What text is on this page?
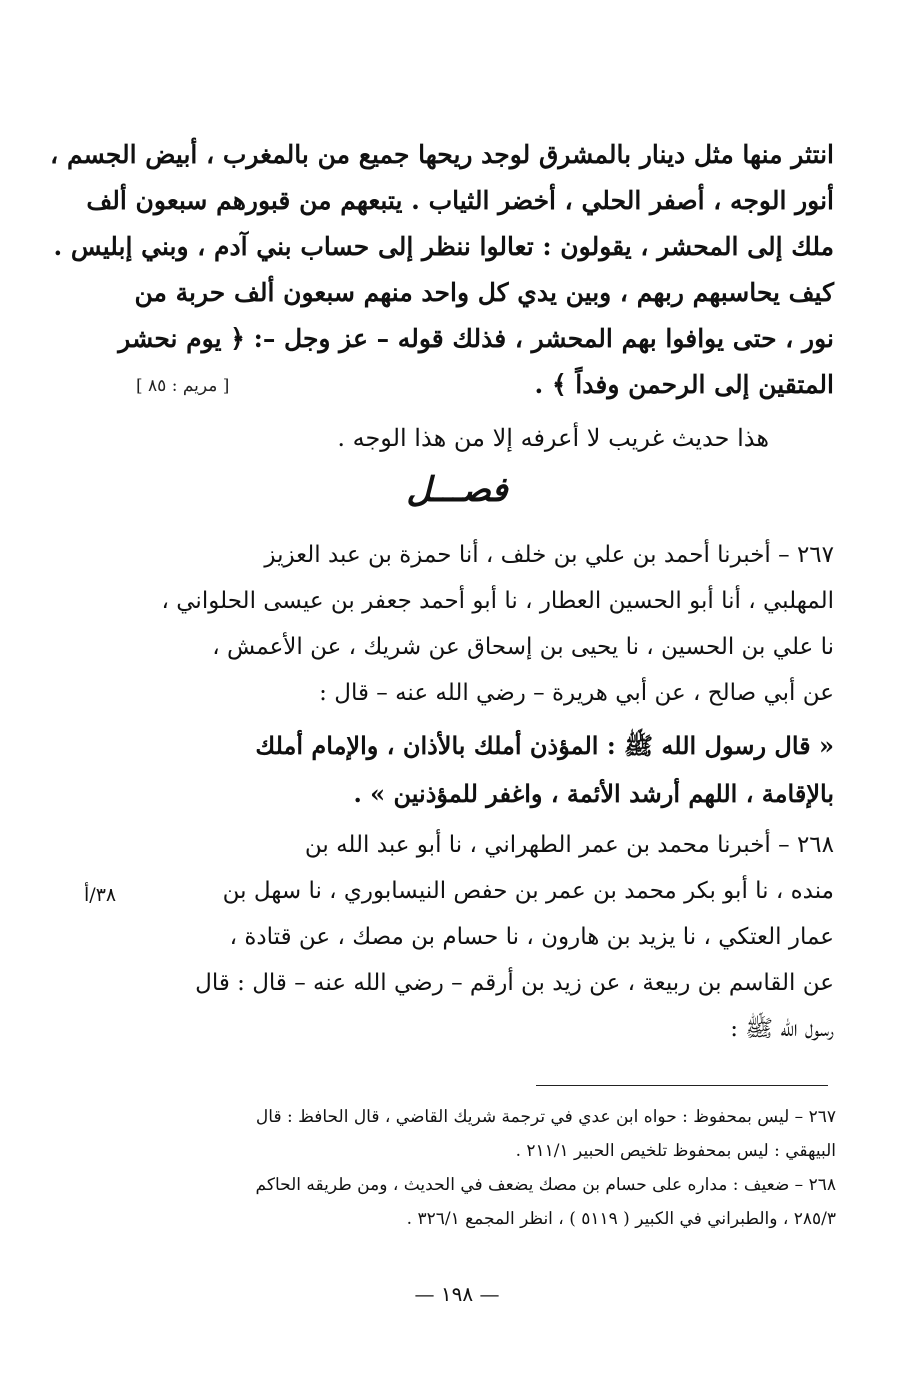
انتثر منها مثل دينار بالمشرق لوجد ريحها جميع من بالمغرب ، أبيض الجسم ،
أنور الوجه ، أصفر الحلي ، أخضر الثياب . يتبعهم من قبورهم سبعون ألف
ملك إلى المحشر ، يقولون : تعالوا ننظر إلى حساب بني آدم ، وبني إبليس .
كيف يحاسبهم ربهم ، وبين يدي كل واحد منهم سبعون ألف حربة من
نور ، حتى يوافوا بهم المحشر ، فذلك قوله – عز وجل –: ﴿ يوم نحشر
المتقين إلى الرحمن وفداً ﴾ .
[ مريم : ٨٥ ]
هذا حديث غريب لا أعرفه إلا من هذا الوجه .
فصـــل
٢٦٧ – أخبرنا أحمد بن علي بن خلف ، أنا حمزة بن عبد العزيز
المهلبي ، أنا أبو الحسين العطار ، نا أبو أحمد جعفر بن عيسى الحلواني ،
نا علي بن الحسين ، نا يحيى بن إسحاق عن شريك ، عن الأعمش ،
عن أبي صالح ، عن أبي هريرة – رضي الله عنه – قال :
« قال رسول الله ﷺ : المؤذن أملك بالأذان ، والإمام أملك
بالإقامة ، اللهم أرشد الأئمة ، واغفر للمؤذنين » .
٢٦٨ – أخبرنا محمد بن عمر الطهراني ، نا أبو عبد الله بن
منده ، نا أبو بكر محمد بن عمر بن حفص النيسابوري ، نا سهل بن
عمار العتكي ، نا يزيد بن هارون ، نا حسام بن مصك ، عن قتادة ،
عن القاسم بن ربيعة ، عن زيد بن أرقم – رضي الله عنه – قال : قال
رسول الله ﷺ :
٣٨/أ
٢٦٧ – ليس بمحفوظ : حواه ابن عدي في ترجمة شريك القاضي ، قال الحافظ : قال
البيهقي : ليس بمحفوظ تلخيص الحبير ٢١١/١ .
٢٦٨ – ضعيف : مداره على حسام بن مصك يضعف في الحديث ، ومن طريقه الحاكم
٢٨٥/٣ ، والطبراني في الكبير ( ٥١١٩ ) ، انظر المجمع ٣٢٦/١ .
— ١٩٨ —
